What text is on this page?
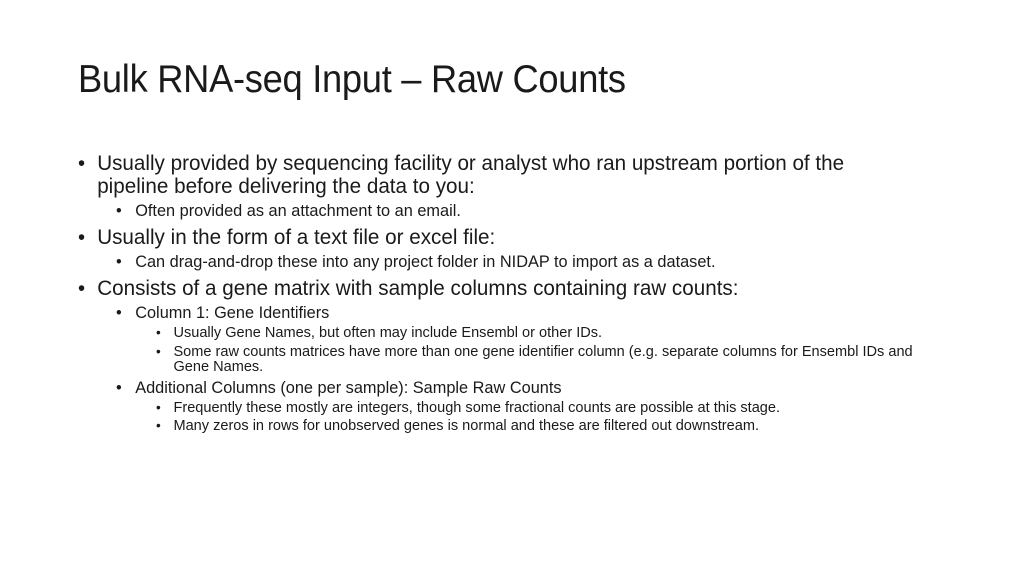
Bulk RNA-seq Input – Raw Counts
• Usually provided by sequencing facility or analyst who ran upstream portion of the pipeline before delivering the data to you:
• Often provided as an attachment to an email.
• Usually in the form of a text file or excel file:
• Can drag-and-drop these into any project folder in NIDAP to import as a dataset.
• Consists of a gene matrix with sample columns containing raw counts:
• Column 1: Gene Identifiers
• Usually Gene Names, but often may include Ensembl or other IDs.
• Some raw counts matrices have more than one gene identifier column (e.g. separate columns for Ensembl IDs and Gene Names.
• Additional Columns (one per sample): Sample Raw Counts
• Frequently these mostly are integers, though some fractional counts are possible at this stage.
• Many zeros in rows for unobserved genes is normal and these are filtered out downstream.
